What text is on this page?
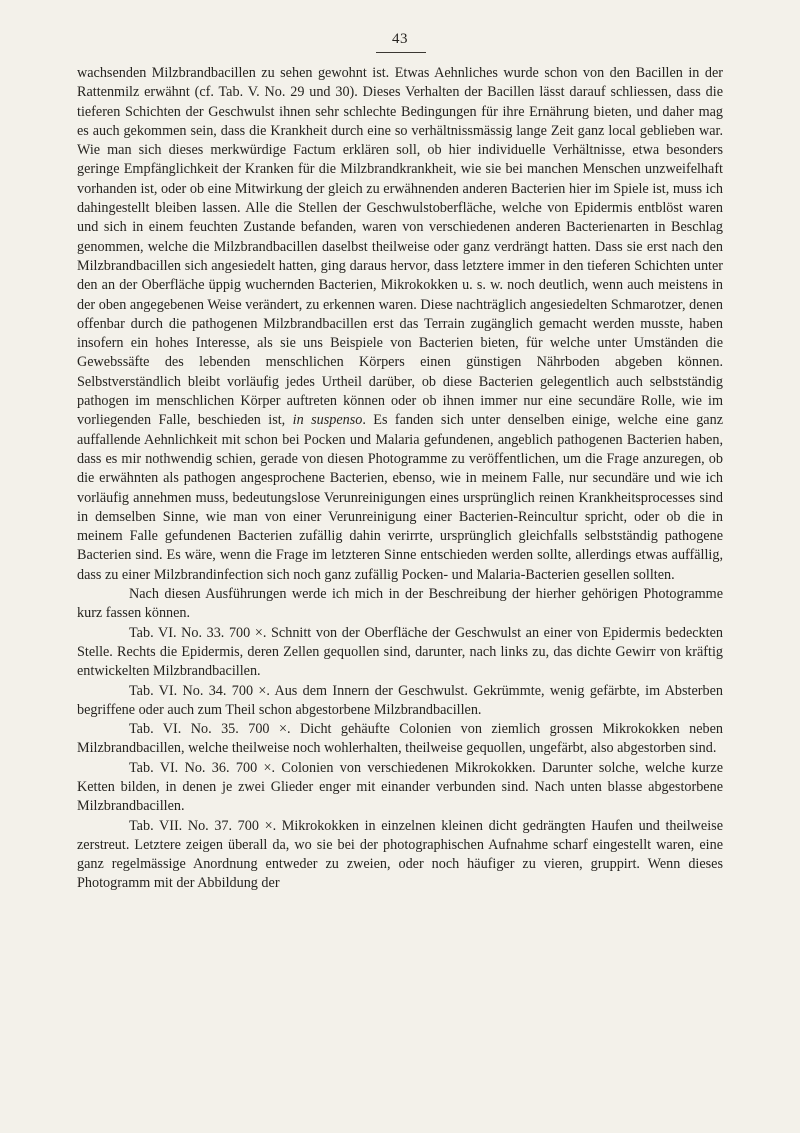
43

wachsenden Milzbrandbacillen zu sehen gewohnt ist. Etwas Aehnliches wurde schon von den Bacillen in der Rattenmilz erwähnt (cf. Tab. V. No. 29 und 30). Dieses Verhalten der Bacillen lässt darauf schliessen, dass die tieferen Schichten der Geschwulst ihnen sehr schlechte Bedingungen für ihre Ernährung bieten, und daher mag es auch gekommen sein, dass die Krankheit durch eine so verhältnissmässig lange Zeit ganz local geblieben war. Wie man sich dieses merkwürdige Factum erklären soll, ob hier individuelle Verhältnisse, etwa besonders geringe Empfänglichkeit der Kranken für die Milzbrandkrankheit, wie sie bei manchen Menschen unzweifelhaft vorhanden ist, oder ob eine Mitwirkung der gleich zu erwähnenden anderen Bacterien hier im Spiele ist, muss ich dahingestellt bleiben lassen. Alle die Stellen der Geschwulstoberfläche, welche von Epidermis entblöst waren und sich in einem feuchten Zustande befanden, waren von verschiedenen anderen Bacterienarten in Beschlag genommen, welche die Milzbrandbacillen daselbst theilweise oder ganz verdrängt hatten. Dass sie erst nach den Milzbrandbacillen sich angesiedelt hatten, ging daraus hervor, dass letztere immer in den tieferen Schichten unter den an der Oberfläche üppig wuchernden Bacterien, Mikrokokken u. s. w. noch deutlich, wenn auch meistens in der oben angegebenen Weise verändert, zu erkennen waren. Diese nachträglich angesiedelten Schmarotzer, denen offenbar durch die pathogenen Milzbrandbacillen erst das Terrain zugänglich gemacht werden musste, haben insofern ein hohes Interesse, als sie uns Beispiele von Bacterien bieten, für welche unter Umständen die Gewebssäfte des lebenden menschlichen Körpers einen günstigen Nährboden abgeben können. Selbstverständlich bleibt vorläufig jedes Urtheil darüber, ob diese Bacterien gelegentlich auch selbstständig pathogen im menschlichen Körper auftreten können oder ob ihnen immer nur eine secundäre Rolle, wie im vorliegenden Falle, beschieden ist, in suspenso. Es fanden sich unter denselben einige, welche eine ganz auffallende Aehnlichkeit mit schon bei Pocken und Malaria gefundenen, angeblich pathogenen Bacterien haben, dass es mir nothwendig schien, gerade von diesen Photogramme zu veröffentlichen, um die Frage anzuregen, ob die erwähnten als pathogen angesprochene Bacterien, ebenso, wie in meinem Falle, nur secundäre und wie ich vorläufig annehmen muss, bedeutungslose Verunreinigungen eines ursprünglich reinen Krankheitsprocesses sind in demselben Sinne, wie man von einer Verunreinigung einer Bacterien-Reincultur spricht, oder ob die in meinem Falle gefundenen Bacterien zufällig dahin verirrte, ursprünglich gleichfalls selbstständig pathogene Bacterien sind. Es wäre, wenn die Frage im letzteren Sinne entschieden werden sollte, allerdings etwas auffällig, dass zu einer Milzbrandinfection sich noch ganz zufällig Pocken- und Malaria-Bacterien gesellen sollten.

Nach diesen Ausführungen werde ich mich in der Beschreibung der hierher gehörigen Photogramme kurz fassen können.

Tab. VI. No. 33. 700 ×. Schnitt von der Oberfläche der Geschwulst an einer von Epidermis bedeckten Stelle. Rechts die Epidermis, deren Zellen gequollen sind, darunter, nach links zu, das dichte Gewirr von kräftig entwickelten Milzbrandbacillen.

Tab. VI. No. 34. 700 ×. Aus dem Innern der Geschwulst. Gekrümmte, wenig gefärbte, im Absterben begriffene oder auch zum Theil schon abgestorbene Milzbrandbacillen.

Tab. VI. No. 35. 700 ×. Dicht gehäufte Colonien von ziemlich grossen Mikrokokken neben Milzbrandbacillen, welche theilweise noch wohlerhalten, theilweise gequollen, ungefärbt, also abgestorben sind.

Tab. VI. No. 36. 700 ×. Colonien von verschiedenen Mikrokokken. Darunter solche, welche kurze Ketten bilden, in denen je zwei Glieder enger mit einander verbunden sind. Nach unten blasse abgestorbene Milzbrandbacillen.

Tab. VII. No. 37. 700 ×. Mikrokokken in einzelnen kleinen dicht gedrängten Haufen und theilweise zerstreut. Letztere zeigen überall da, wo sie bei der photographischen Aufnahme scharf eingestellt waren, eine ganz regelmässige Anordnung entweder zu zweien, oder noch häufiger zu vieren, gruppirt. Wenn dieses Photogramm mit der Abbildung der
